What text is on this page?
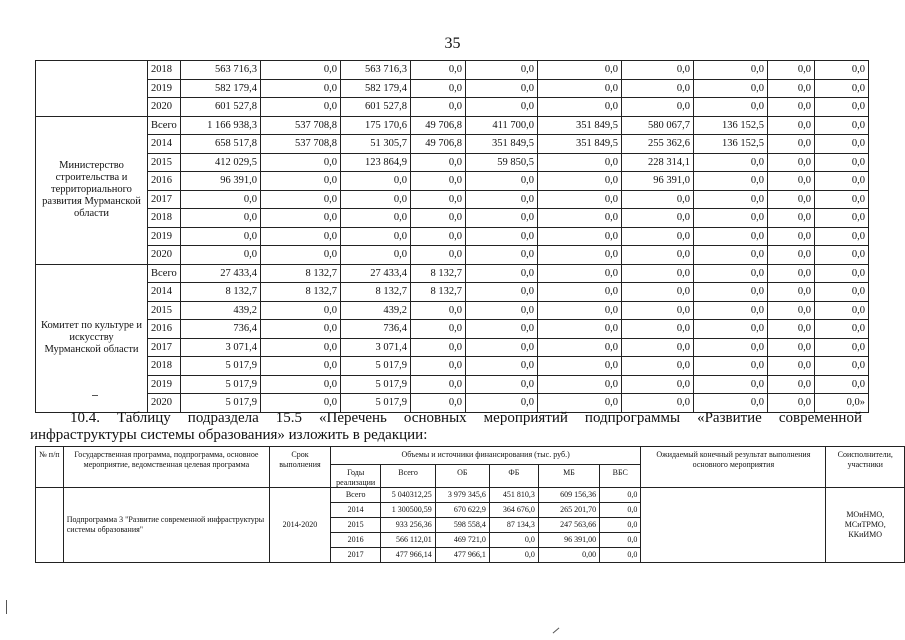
35
	2018	563 716,3	0,0	563 716,3	0,0	0,0	0,0	0,0	0,0	0,0	0,0
	2019	582 179,4	0,0	582 179,4	0,0	0,0	0,0	0,0	0,0	0,0	0,0
	2020	601 527,8	0,0	601 527,8	0,0	0,0	0,0	0,0	0,0	0,0	0,0
Министерство строительства и территориального развития Мурманской области	Всего	1 166 938,3	537 708,8	175 170,6	49 706,8	411 700,0	351 849,5	580 067,7	136 152,5	0,0	0,0
	2014	658 517,8	537 708,8	51 305,7	49 706,8	351 849,5	351 849,5	255 362,6	136 152,5	0,0	0,0
	2015	412 029,5	0,0	123 864,9	0,0	59 850,5	0,0	228 314,1	0,0	0,0	0,0
	2016	96 391,0	0,0	0,0	0,0	0,0	0,0	96 391,0	0,0	0,0	0,0
	2017	0,0	0,0	0,0	0,0	0,0	0,0	0,0	0,0	0,0	0,0
	2018	0,0	0,0	0,0	0,0	0,0	0,0	0,0	0,0	0,0	0,0
	2019	0,0	0,0	0,0	0,0	0,0	0,0	0,0	0,0	0,0	0,0
	2020	0,0	0,0	0,0	0,0	0,0	0,0	0,0	0,0	0,0	0,0
Комитет по культуре и искусству Мурманской области	Всего	27 433,4	8 132,7	27 433,4	8 132,7	0,0	0,0	0,0	0,0	0,0	0,0
	2014	8 132,7	8 132,7	8 132,7	8 132,7	0,0	0,0	0,0	0,0	0,0	0,0
	2015	439,2	0,0	439,2	0,0	0,0	0,0	0,0	0,0	0,0	0,0
	2016	736,4	0,0	736,4	0,0	0,0	0,0	0,0	0,0	0,0	0,0
	2017	3 071,4	0,0	3 071,4	0,0	0,0	0,0	0,0	0,0	0,0	0,0
	2018	5 017,9	0,0	5 017,9	0,0	0,0	0,0	0,0	0,0	0,0	0,0
	2019	5 017,9	0,0	5 017,9	0,0	0,0	0,0	0,0	0,0	0,0	0,0
	2020	5 017,9	0,0	5 017,9	0,0	0,0	0,0	0,0	0,0	0,0	0,0»
10.4. Таблицу подраздела 15.5 «Перечень основных мероприятий подпрограммы «Развитие современной
инфраструктуры системы образования» изложить в редакции:
№ п/п	Государственная программа, подпрограмма, основное мероприятие, ведомственная целевая программа	Срок выполнения	Объемы и источники финансирования (тыс. руб.)						Ожидаемый конечный результат выполнения основного мероприятия	Соисполнители, участники
			Годы реализации	Всего	ОБ	ФБ	МБ	ВБС		
	Подпрограмма 3 "Развитие современной инфраструктуры системы образования"	2014-2020	Всего	5 040312,25	3 979 345,6	451 810,3	609 156,36	0,0		МОиНМО, МСиТРМО, ККиИМО
			2014	1 300500,59	670 622,9	364 676,0	265 201,70	0,0		
			2015	933 256,36	598 558,4	87 134,3	247 563,66	0,0		
			2016	566 112,01	469 721,0	0,0	96 391,00	0,0		
			2017	477 966,14	477 966,1	0,0	0,00	0,0		
